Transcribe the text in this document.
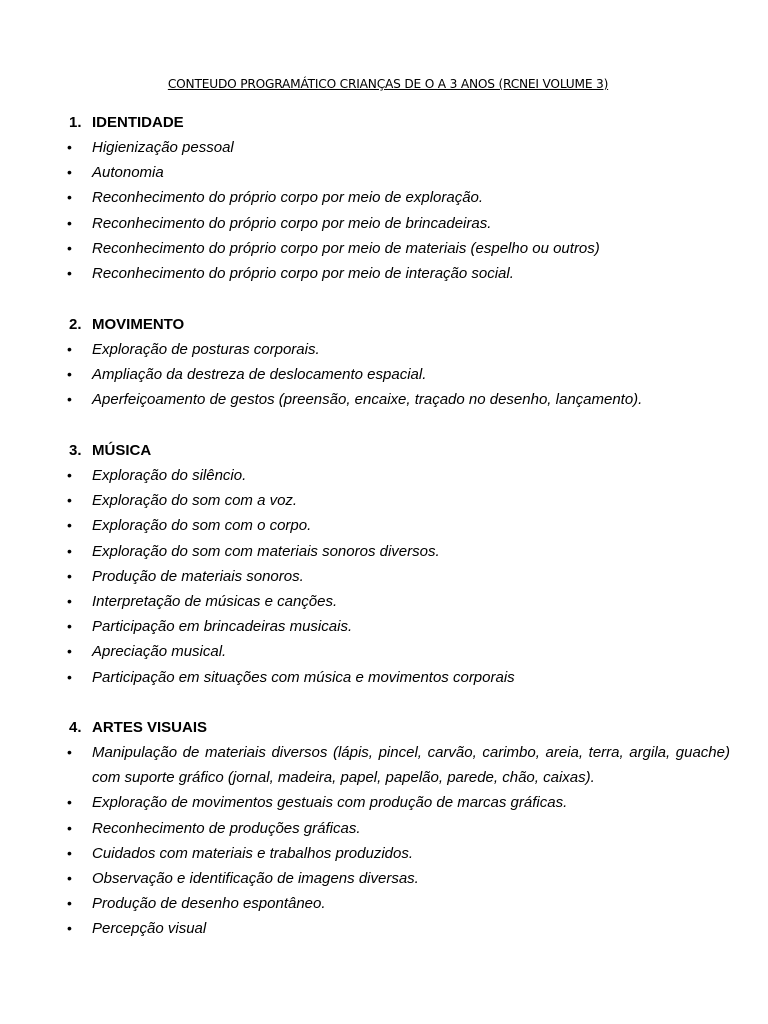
CONTEUDO PROGRAMÁTICO CRIANÇAS DE O A 3 ANOS (RCNEI VOLUME 3)
1. IDENTIDADE
• Higienização pessoal
• Autonomia
• Reconhecimento do próprio corpo por meio de exploração.
• Reconhecimento do próprio corpo por meio de brincadeiras.
• Reconhecimento do próprio corpo por meio de materiais (espelho ou outros)
• Reconhecimento do próprio corpo por meio de interação social.
2. MOVIMENTO
• Exploração de posturas corporais.
• Ampliação da destreza de deslocamento espacial.
• Aperfeiçoamento de gestos (preensão, encaixe, traçado no desenho, lançamento).
3. MÚSICA
• Exploração do silêncio.
• Exploração do som com a voz.
• Exploração do som com o corpo.
• Exploração do som com materiais sonoros diversos.
• Produção de materiais sonoros.
• Interpretação de músicas e canções.
• Participação em brincadeiras musicais.
• Apreciação musical.
• Participação em situações com música e movimentos corporais
4. ARTES VISUAIS
• Manipulação de materiais diversos (lápis, pincel, carvão, carimbo, areia, terra, argila, guache) com suporte gráfico (jornal, madeira, papel, papelão, parede, chão, caixas).
• Exploração de movimentos gestuais com produção de marcas gráficas.
• Reconhecimento de produções gráficas.
• Cuidados com materiais e trabalhos produzidos.
• Observação e identificação de imagens diversas.
• Produção de desenho espontâneo.
• Percepção visual
